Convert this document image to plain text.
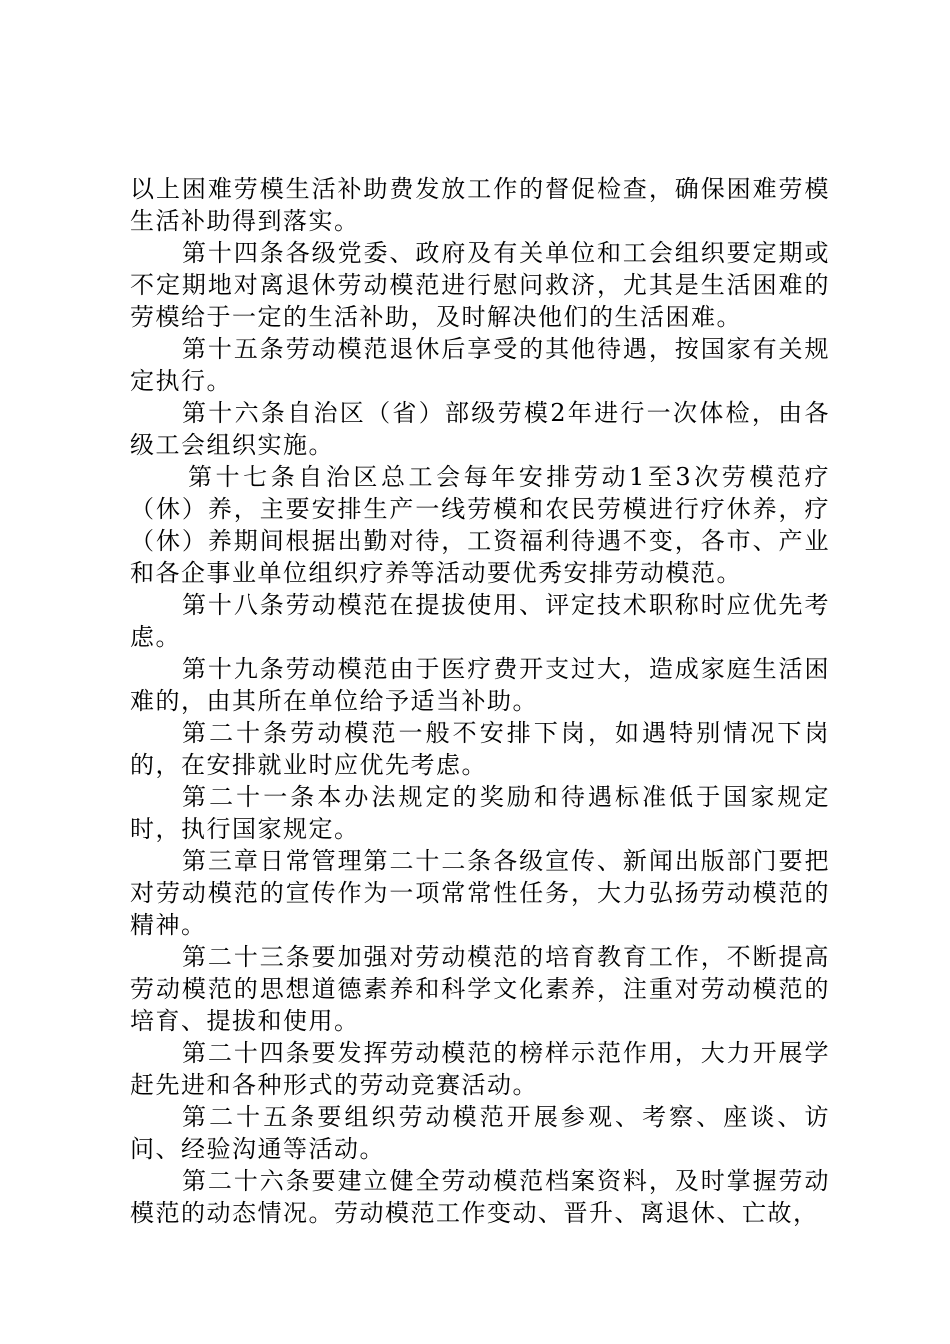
以上困难劳模生活补助费发放工作的督促检查，确保困难劳模生活补助得到落实。

第十四条各级党委、政府及有关单位和工会组织要定期或不定期地对离退休劳动模范进行慰问救济，尤其是生活困难的劳模给于一定的生活补助，及时解决他们的生活困难。

第十五条劳动模范退休后享受的其他待遇，按国家有关规定执行。

第十六条自治区（省）部级劳模2年进行一次体检，由各级工会组织实施。

第十七条自治区总工会每年安排劳动1至3次劳模范疗（休）养，主要安排生产一线劳模和农民劳模进行疗休养，疗（休）养期间根据出勤对待，工资福利待遇不变，各市、产业和各企事业单位组织疗养等活动要优秀安排劳动模范。

第十八条劳动模范在提拔使用、评定技术职称时应优先考虑。

第十九条劳动模范由于医疗费开支过大，造成家庭生活困难的，由其所在单位给予适当补助。

第二十条劳动模范一般不安排下岗，如遇特别情况下岗的，在安排就业时应优先考虑。

第二十一条本办法规定的奖励和待遇标准低于国家规定时，执行国家规定。

第三章日常管理第二十二条各级宣传、新闻出版部门要把对劳动模范的宣传作为一项常常性任务，大力弘扬劳动模范的精神。

第二十三条要加强对劳动模范的培育教育工作，不断提高劳动模范的思想道德素养和科学文化素养，注重对劳动模范的培育、提拔和使用。

第二十四条要发挥劳动模范的榜样示范作用，大力开展学赶先进和各种形式的劳动竞赛活动。

第二十五条要组织劳动模范开展参观、考察、座谈、访问、经验沟通等活动。

第二十六条要建立健全劳动模范档案资料，及时掌握劳动模范的动态情况。劳动模范工作变动、晋升、离退休、亡故，
